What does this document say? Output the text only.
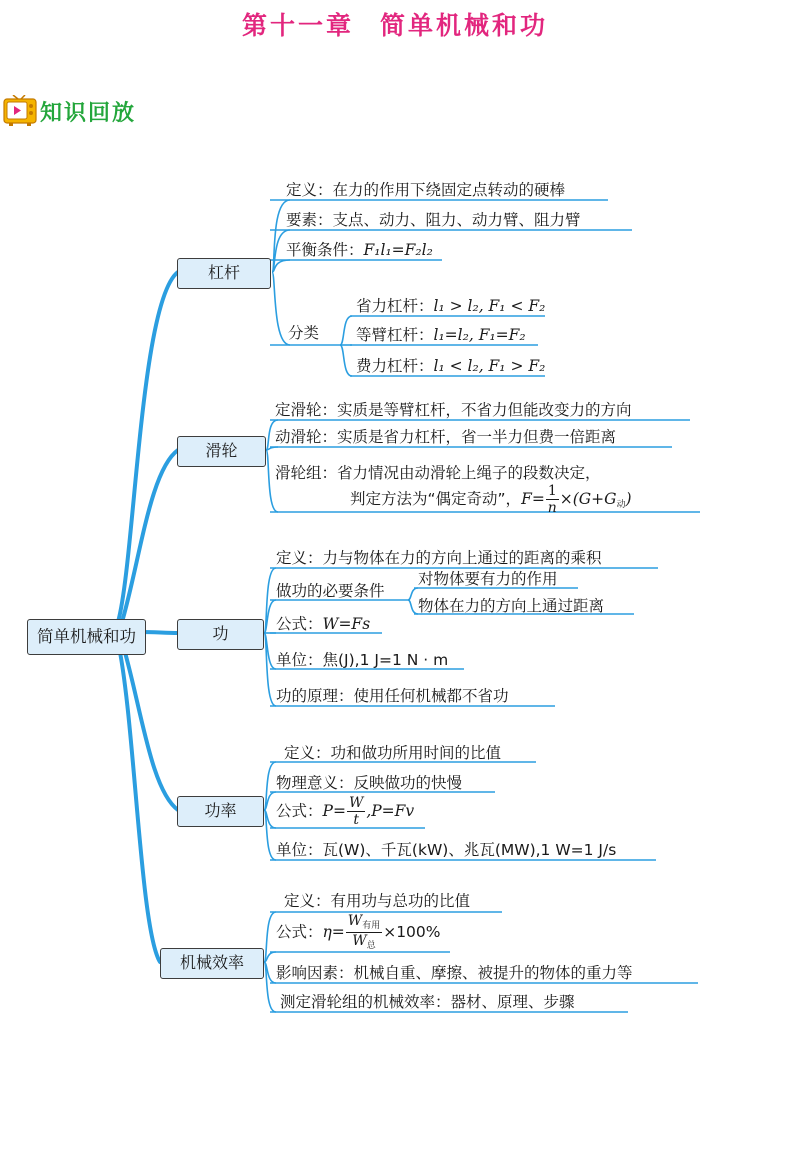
第十一章 简单机械和功
知识回放
简单机械和功
杠杆
滑轮
功
功率
机械效率
定义：在力的作用下绕固定点转动的硬棒
要素：支点、动力、阻力、动力臂、阻力臂
平衡条件：F₁l₁=F₂l₂
分类
省力杠杆：l₁ > l₂, F₁ < F₂
等臂杠杆：l₁=l₂, F₁=F₂
费力杠杆：l₁ < l₂, F₁ > F₂
定滑轮：实质是等臂杠杆，不省力但能改变力的方向
动滑轮：实质是省力杠杆，省一半力但费一倍距离
滑轮组：省力情况由动滑轮上绳子的段数决定，
判定方法为“偶定奇动”，$F= \frac{1}{n} \times(G+G_动)$
定义：力与物体在力的方向上通过的距离的乘积
做功的必要条件
对物体要有力的作用
物体在力的方向上通过距离
公式：W=Fs
单位：焦(J),1 J=1 N · m
功的原理：使用任何机械都不省功
定义：功和做功所用时间的比值
物理意义：反映做功的快慢
公式：$P= \frac{W}{t} ,P=Fv$
单位：瓦(W)、千瓦(kW)、兆瓦(MW),1 W=1 J/s
定义：有用功与总功的比值
公式：$\eta= \frac{W_{有用}}{W_总} \times 100\%$
影响因素：机械自重、摩擦、被提升的物体的重力等
测定滑轮组的机械效率：器材、原理、步骤
